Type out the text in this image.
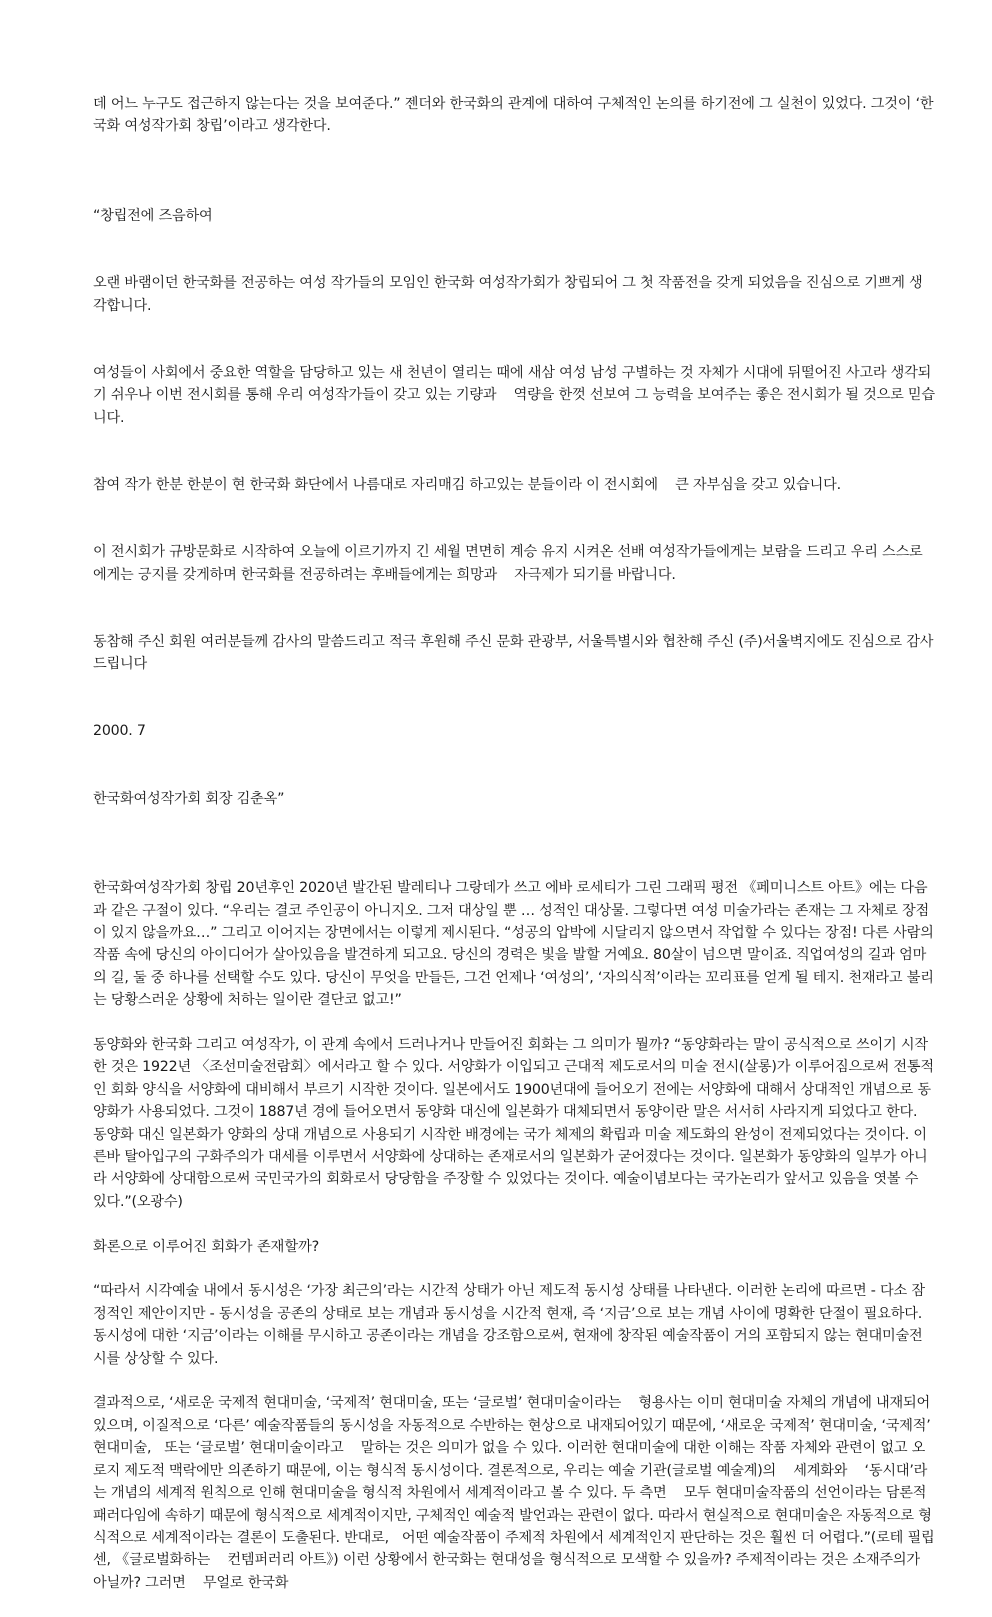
데 어느 누구도 접근하지 않는다는 것을 보여준다.” 젠더와 한국화의 관계에 대하여 구체적인 논의를 하기전에 그 실천이 있었다. 그것이 ‘한국화 여성작가회 창립’이라고 생각한다.

“창립전에 즈음하여

오랜 바램이던 한국화를 전공하는 여성 작가들의 모임인 한국화 여성작가회가 창립되어 그 첫 작품전을 갖게 되었음을 진심으로 기쁘게 생각합니다.

여성들이 사회에서 중요한 역할을 담당하고 있는 새 천년이 열리는 때에 새삼 여성 남성 구별하는 것 자체가 시대에 뒤떨어진 사고라 생각되기 쉬우나 이번 전시회를 통해 우리 여성작가들이 갖고 있는 기량과    역량을 한껏 선보여 그 능력을 보여주는 좋은 전시회가 될 것으로 믿습니다.

참여 작가 한분 한분이 현 한국화 화단에서 나름대로 자리매김 하고있는 분들이라 이 전시회에    큰 자부심을 갖고 있습니다.

이 전시회가 규방문화로 시작하여 오늘에 이르기까지 긴 세월 면면히 계승 유지 시켜온 선배 여성작가들에게는 보람을 드리고 우리 스스로에게는 긍지를 갖게하며 한국화를 전공하려는 후배들에게는 희망과    자극제가 되기를 바랍니다.

동참해 주신 회원 여러분들께 감사의 말씀드리고 적극 후원해 주신 문화 관광부, 서울특별시와 협찬해 주신 (주)서울벽지에도 진심으로 감사드립니다

2000. 7

한국화여성작가회 회장 김춘옥”

한국화여성작가회 창립 20년후인 2020년 발간된 발레티나 그랑데가 쓰고 에바 로세티가 그린 그래픽 평전 《페미니스트 아트》에는 다음과 같은 구절이 있다. “우리는 결코 주인공이 아니지오. 그저 대상일 뿐 … 성적인 대상물. 그렇다면 여성 미술가라는 존재는 그 자체로 장점이 있지 않을까요…” 그리고 이어지는 장면에서는 이렇게 제시된다. “성공의 압박에 시달리지 않으면서 작업할 수 있다는 장점! 다른 사람의 작품 속에 당신의 아이디어가 살아있음을 발견하게 되고요. 당신의 경력은 빛을 발할 거예요. 80살이 넘으면 말이죠. 직업여성의 길과 엄마의 길, 둘 중 하나를 선택할 수도 있다. 당신이 무엇을 만들든, 그건 언제나 ‘여성의’, ‘자의식적’이라는 꼬리표를 얻게 될 테지. 천재라고 불리는 당황스러운 상황에 처하는 일이란 결단코 없고!”

동양화와 한국화 그리고 여성작가, 이 관계 속에서 드러나거나 만들어진 회화는 그 의미가 뭘까? “동양화라는 말이 공식적으로 쓰이기 시작한 것은 1922년 〈조선미술전람회〉에서라고 할 수 있다. 서양화가 이입되고 근대적 제도로서의 미술 전시(살롱)가 이루어짐으로써 전통적인 회화 양식을 서양화에 대비해서 부르기 시작한 것이다. 일본에서도 1900년대에 들어오기 전에는 서양화에 대해서 상대적인 개념으로 동양화가 사용되었다. 그것이 1887년 경에 들어오면서 동양화 대신에 일본화가 대체되면서 동양이란 말은 서서히 사라지게 되었다고 한다. 동양화 대신 일본화가 양화의 상대 개념으로 사용되기 시작한 배경에는 국가 체제의 확립과 미술 제도화의 완성이 전제되었다는 것이다. 이른바 탈아입구의 구화주의가 대세를 이루면서 서양화에 상대하는 존재로서의 일본화가 굳어졌다는 것이다. 일본화가 동양화의 일부가 아니라 서양화에 상대함으로써 국민국가의 회화로서 당당함을 주장할 수 있었다는 것이다. 예술이념보다는 국가논리가 앞서고 있음을 엿볼 수 있다.”(오광수)

화론으로 이루어진 회화가 존재할까?

“따라서 시각예술 내에서 동시성은 ‘가장 최근의’라는 시간적 상태가 아닌 제도적 동시성 상태를 나타낸다. 이러한 논리에 따르면 - 다소 잠정적인 제안이지만 - 동시성을 공존의 상태로 보는 개념과 동시성을 시간적 현재, 즉 ‘지금’으로 보는 개념 사이에 명확한 단절이 필요하다. 동시성에 대한 ‘지금’이라는 이해를 무시하고 공존이라는 개념을 강조함으로써, 현재에 창작된 예술작품이 거의 포함되지 않는 현대미술전시를 상상할 수 있다.

결과적으로, ‘새로운 국제적 현대미술, ‘국제적’ 현대미술, 또는 ‘글로벌’ 현대미술이라는    형용사는 이미 현대미술 자체의 개념에 내재되어 있으며, 이질적으로 ‘다른’ 예술작품들의 동시성을 자동적으로 수반하는 현상으로 내재되어있기 때문에, ‘새로운 국제적’ 현대미술, ‘국제적’ 현대미술,   또는 ‘글로벌’ 현대미술이라고    말하는 것은 의미가 없을 수 있다. 이러한 현대미술에 대한 이해는 작품 자체와 관련이 없고 오로지 제도적 맥락에만 의존하기 때문에, 이는 형식적 동시성이다. 결론적으로, 우리는 예술 기관(글로벌 예술계)의    세계화와    ‘동시대’라는 개념의 세계적 원칙으로 인해 현대미술을 형식적 차원에서 세계적이라고 볼 수 있다. 두 측면    모두 현대미술작품의 선언이라는 담론적 패러다임에 속하기 때문에 형식적으로 세계적이지만, 구체적인 예술적 발언과는 관련이 없다. 따라서 현실적으로 현대미술은 자동적으로 형식적으로 세계적이라는 결론이 도출된다. 반대로,   어떤 예술작품이 주제적 차원에서 세계적인지 판단하는 것은 훨씬 더 어렵다.”(로테 필립센, 《글로벌화하는    컨템퍼러리 아트》) 이런 상황에서 한국화는 현대성을 형식적으로 모색할 수 있을까? 주제적이라는 것은 소재주의가 아닐까? 그러면    무얼로 한국화
